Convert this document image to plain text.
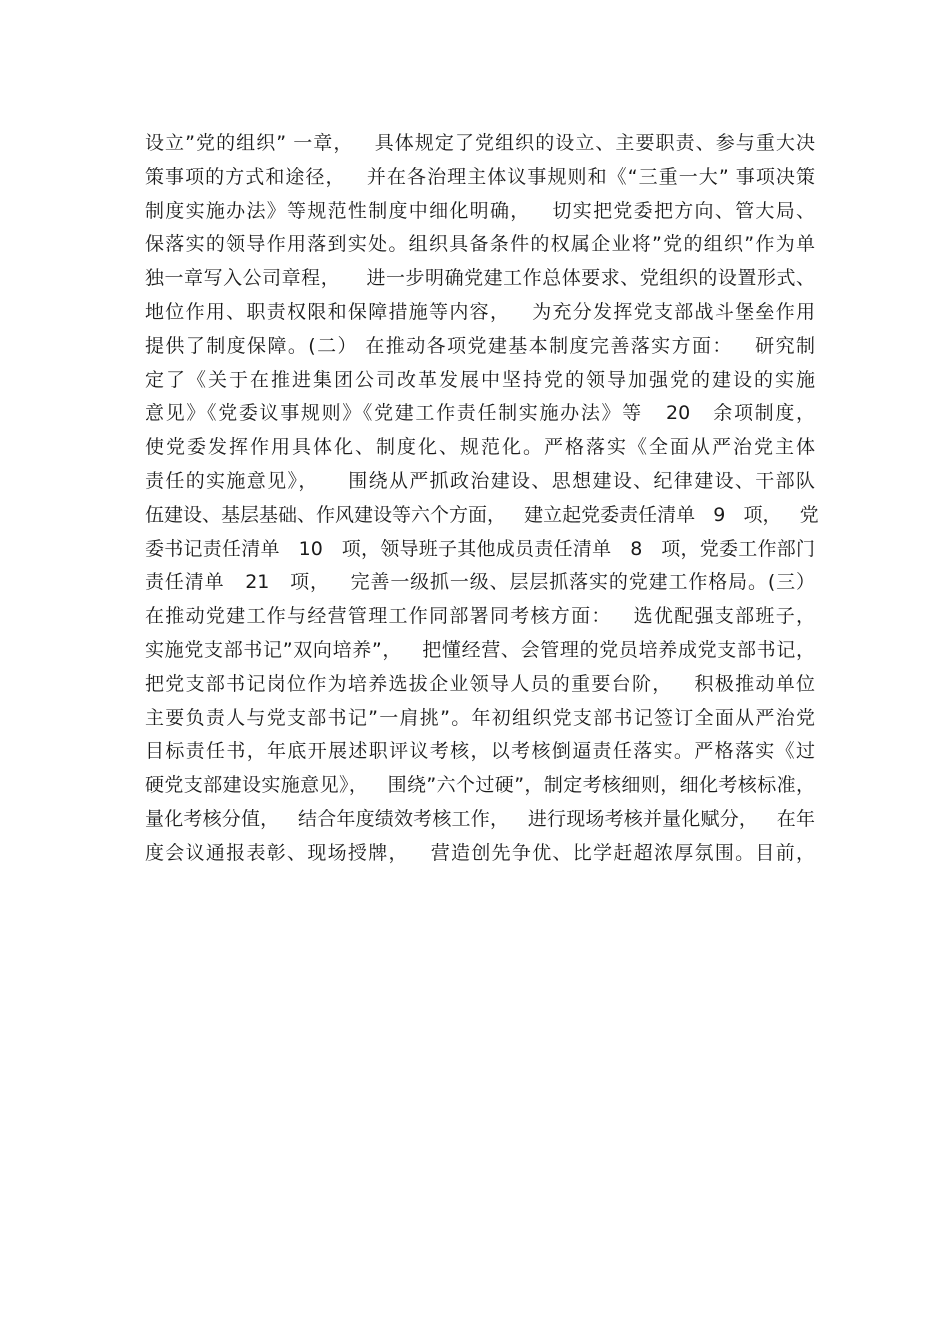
设立”党的组织” 一章，   具体规定了党组织的设立、主要职责、参与重大决
策事项的方式和途径，   并在各治理主体议事规则和《“三重一大” 事项决策
制度实施办法》等规范性制度中细化明确，   切实把党委把方向、管大局、
保落实的领导作用落到实处。组织具备条件的权属企业将”党的组织”作为单
独一章写入公司章程，    进一步明确党建工作总体要求、党组织的设置形式、
地位作用、职责权限和保障措施等内容，   为充分发挥党支部战斗堡垒作用
提供了制度保障。(二） 在推动各项党建基本制度完善落实方面：   研究制
定了《关于在推进集团公司改革发展中坚持党的领导加强党的建设的实施
意见》《党委议事规则》《党建工作责任制实施办法》等   20   余项制度，
使党委发挥作用具体化、制度化、规范化。严格落实《全面从严治党主体
责任的实施意见》，    围绕从严抓政治建设、思想建设、纪律建设、干部队
伍建设、基层基础、作风建设等六个方面，   建立起党委责任清单   9   项，   党
委书记责任清单   10   项，领导班子其他成员责任清单   8   项，党委工作部门
责任清单   21   项，   完善一级抓一级、层层抓落实的党建工作格局。(三）
在推动党建工作与经营管理工作同部署同考核方面：   选优配强支部班子，
实施党支部书记”双向培养”，   把懂经营、会管理的党员培养成党支部书记，
把党支部书记岗位作为培养选拔企业领导人员的重要台阶，   积极推动单位
主要负责人与党支部书记”一肩挑”。年初组织党支部书记签订全面从严治党
目标责任书，年底开展述职评议考核，以考核倒逼责任落实。严格落实《过
硬党支部建设实施意见》，   围绕”六个过硬”，制定考核细则，细化考核标准，
量化考核分值，   结合年度绩效考核工作，   进行现场考核并量化赋分，   在年
度会议通报表彰、现场授牌，   营造创先争优、比学赶超浓厚氛围。目前，
